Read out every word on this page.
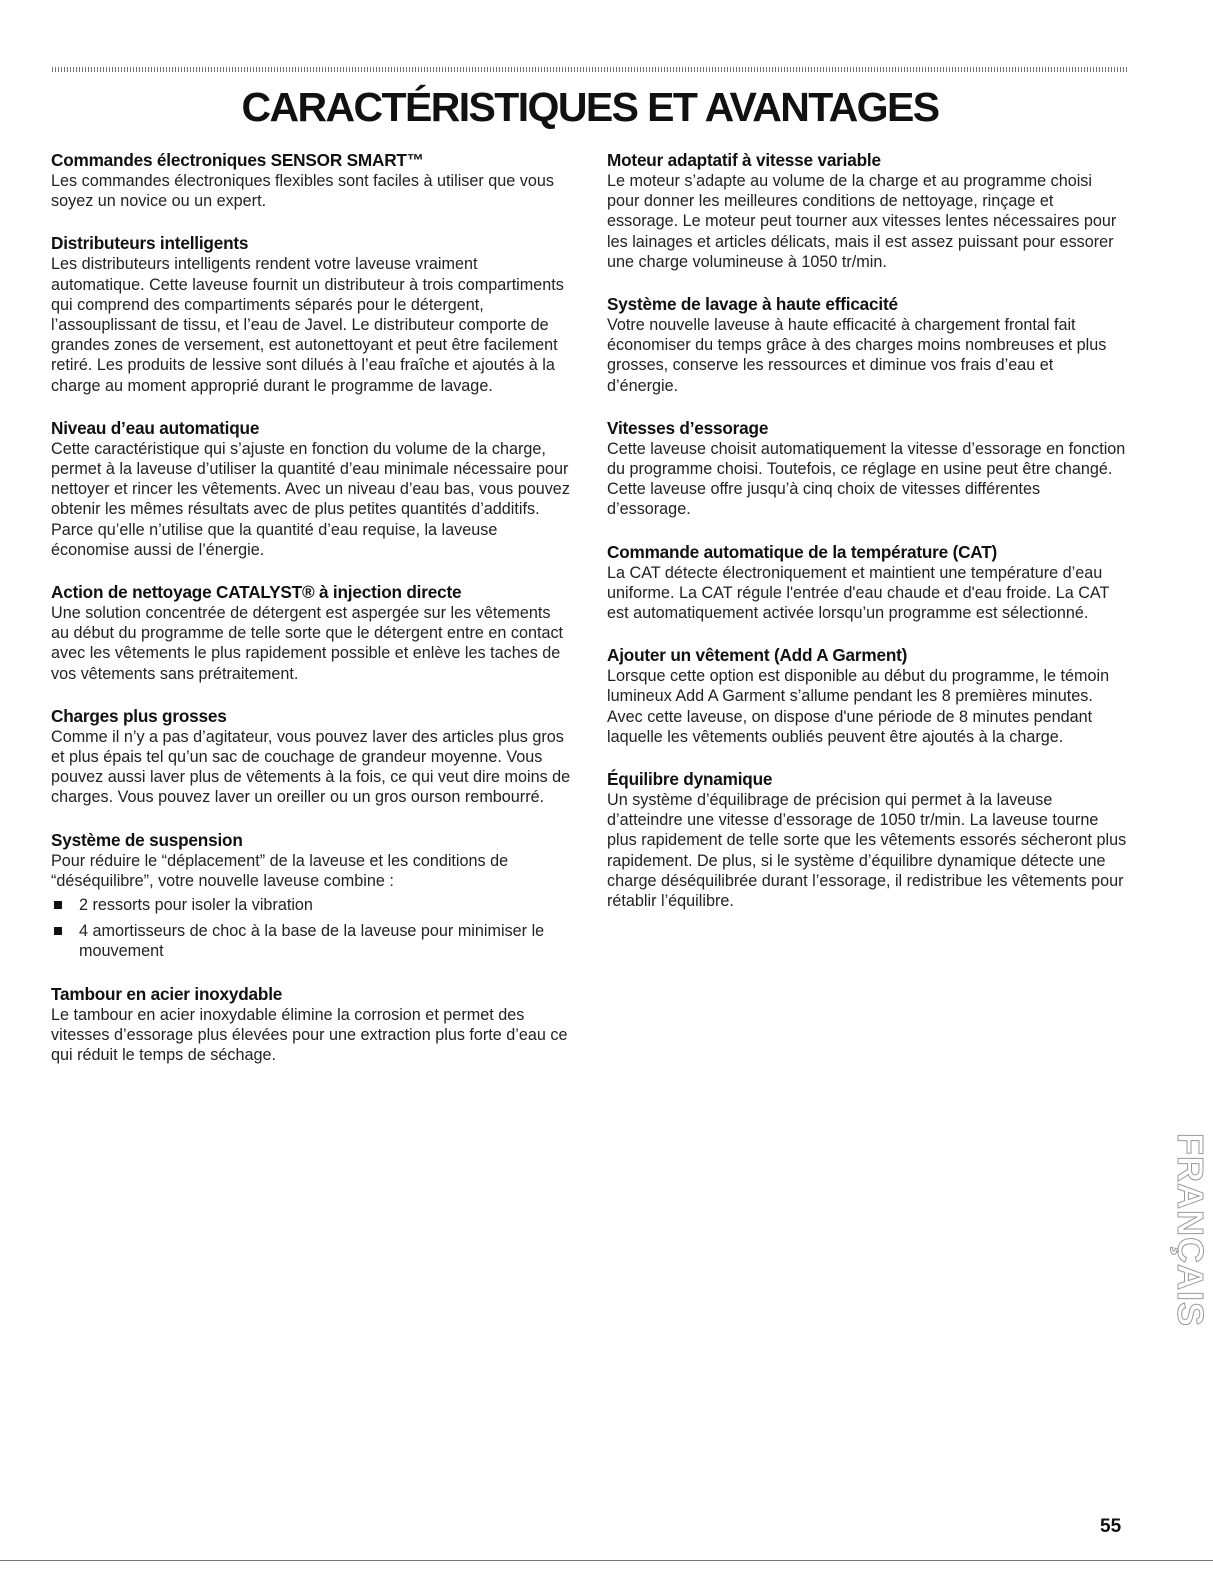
CARACTÉRISTIQUES ET AVANTAGES
Commandes électroniques SENSOR SMART™

Les commandes électroniques flexibles sont faciles à utiliser que vous soyez un novice ou un expert.

Distributeurs intelligents

Les distributeurs intelligents rendent votre laveuse vraiment automatique. Cette laveuse fournit un distributeur à trois compartiments qui comprend des compartiments séparés pour le détergent, l’assouplissant de tissu, et l’eau de Javel. Le distributeur comporte de grandes zones de versement, est autonettoyant et peut être facilement retiré. Les produits de lessive sont dilués à l’eau fraîche et ajoutés à la charge au moment approprié durant le programme de lavage.

Niveau d’eau automatique

Cette caractéristique qui s’ajuste en fonction du volume de la charge, permet à la laveuse d’utiliser la quantité d’eau minimale nécessaire pour nettoyer et rincer les vêtements. Avec un niveau d’eau bas, vous pouvez obtenir les mêmes résultats avec de plus petites quantités d’additifs. Parce qu’elle n’utilise que la quantité d’eau requise, la laveuse économise aussi de l’énergie.

Action de nettoyage CATALYST® à injection directe

Une solution concentrée de détergent est aspergée sur les vêtements au début du programme de telle sorte que le détergent entre en contact avec les vêtements le plus rapidement possible et enlève les taches de vos vêtements sans prétraitement.

Charges plus grosses

Comme il n’y a pas d’agitateur, vous pouvez laver des articles plus gros et plus épais tel qu’un sac de couchage de grandeur moyenne. Vous pouvez aussi laver plus de vêtements à la fois, ce qui veut dire moins de charges. Vous pouvez laver un oreiller ou un gros ourson rembourré.

Système de suspension

Pour réduire le “déplacement” de la laveuse et les conditions de “déséquilibre”, votre nouvelle laveuse combine :

2 ressorts pour isoler la vibration
4 amortisseurs de choc à la base de la laveuse pour minimiser le mouvement
Tambour en acier inoxydable

Le tambour en acier inoxydable élimine la corrosion et permet des vitesses d’essorage plus élevées pour une extraction plus forte d’eau ce qui réduit le temps de séchage.

Moteur adaptatif à vitesse variable

Le moteur s’adapte au volume de la charge et au programme choisi pour donner les meilleures conditions de nettoyage, rinçage et essorage. Le moteur peut tourner aux vitesses lentes nécessaires pour les lainages et articles délicats, mais il est assez puissant pour essorer une charge volumineuse à 1050 tr/min.

Système de lavage à haute efficacité

Votre nouvelle laveuse à haute efficacité à chargement frontal fait économiser du temps grâce à des charges moins nombreuses et plus grosses, conserve les ressources et diminue vos frais d’eau et d’énergie.

Vitesses d’essorage

Cette laveuse choisit automatiquement la vitesse d’essorage en fonction du programme choisi. Toutefois, ce réglage en usine peut être changé. Cette laveuse offre jusqu’à cinq choix de vitesses différentes d’essorage.

Commande automatique de la température (CAT)

La CAT détecte électroniquement et maintient une température d’eau uniforme. La CAT régule l'entrée d'eau chaude et d'eau froide. La CAT est automatiquement activée lorsqu’un programme est sélectionné.

Ajouter un vêtement (Add A Garment)

Lorsque cette option est disponible au début du programme, le témoin lumineux Add A Garment s’allume pendant les 8 premières minutes. Avec cette laveuse, on dispose d'une période de 8 minutes pendant laquelle les vêtements oubliés peuvent être ajoutés à la charge.

Équilibre dynamique

Un système d’équilibrage de précision qui permet à la laveuse d’atteindre une vitesse d’essorage de 1050 tr/min. La laveuse tourne plus rapidement de telle sorte que les vêtements essorés sécheront plus rapidement. De plus, si le système d’équilibre dynamique détecte une charge déséquilibrée durant l’essorage, il redistribue les vêtements pour rétablir l’équilibre.

FRANÇAIS

55
